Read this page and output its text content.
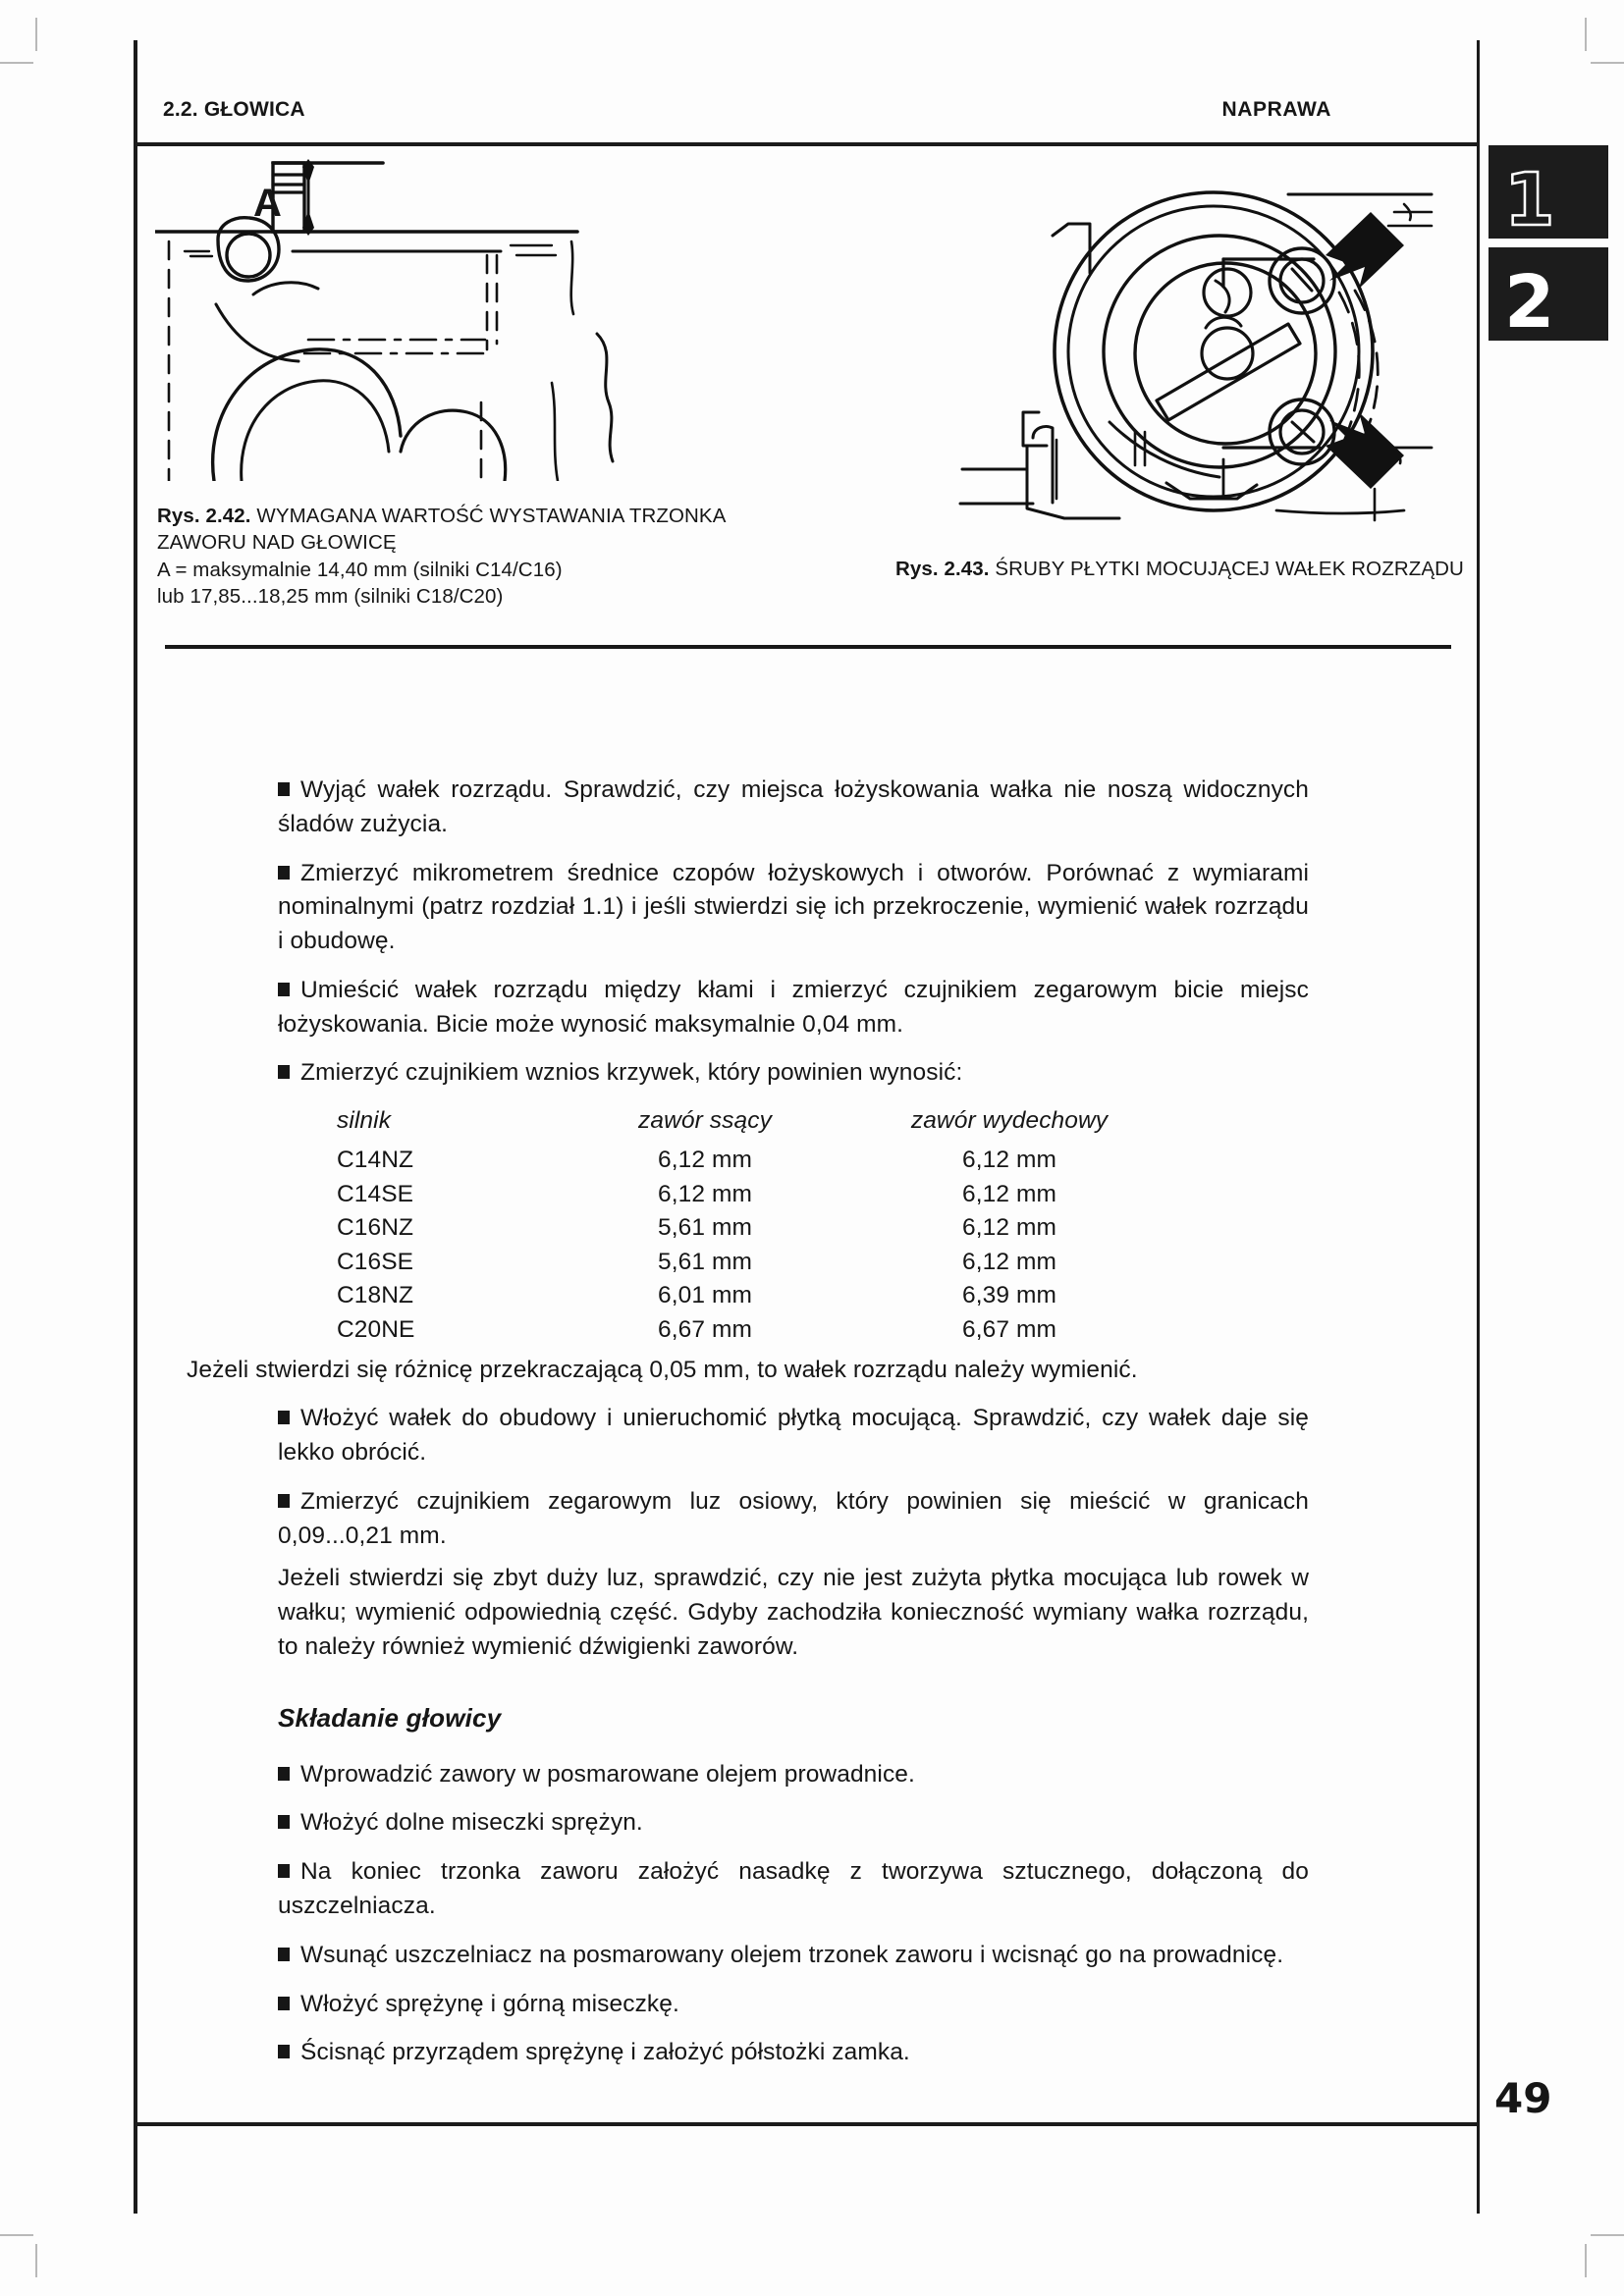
2.2. GŁOWICA	NAPRAWA
1
2
A
Rys. 2.42. WYMAGANA WARTOŚĆ WYSTAWANIA TRZONKA ZAWORU NAD GŁOWICĘ
A = maksymalnie 14,40 mm (silniki C14/C16)
lub 17,85...18,25 mm (silniki C18/C20)
Rys. 2.43. ŚRUBY PŁYTKI MOCUJĄCEJ WAŁEK ROZRZĄDU

Wyjąć wałek rozrządu. Sprawdzić, czy miejsca łożyskowania wałka nie noszą widocznych śladów zużycia.

Zmierzyć mikrometrem średnice czopów łożyskowych i otworów. Porównać z wymiarami nominalnymi (patrz rozdział 1.1) i jeśli stwierdzi się ich przekroczenie, wymienić wałek rozrządu i obudowę.

Umieścić wałek rozrządu między kłami i zmierzyć czujnikiem zegarowym bicie miejsc łożyskowania. Bicie może wynosić maksymalnie 0,04 mm.

Zmierzyć czujnikiem wznios krzywek, który powinien wynosić:

silnik	zawór ssący	zawór wydechowy
C14NZ	6,12 mm	6,12 mm
C14SE	6,12 mm	6,12 mm
C16NZ	5,61 mm	6,12 mm
C16SE	5,61 mm	6,12 mm
C18NZ	6,01 mm	6,39 mm
C20NE	6,67 mm	6,67 mm

Jeżeli stwierdzi się różnicę przekraczającą 0,05 mm, to wałek rozrządu należy wymienić.

Włożyć wałek do obudowy i unieruchomić płytką mocującą. Sprawdzić, czy wałek daje się lekko obrócić.

Zmierzyć czujnikiem zegarowym luz osiowy, który powinien się mieścić w granicach 0,09...0,21 mm.

Jeżeli stwierdzi się zbyt duży luz, sprawdzić, czy nie jest zużyta płytka mocująca lub rowek w wałku; wymienić odpowiednią część. Gdyby zachodziła konieczność wymiany wałka rozrządu, to należy również wymienić dźwigienki zaworów.

Składanie głowicy

Wprowadzić zawory w posmarowane olejem prowadnice.

Włożyć dolne miseczki sprężyn.

Na koniec trzonka zaworu założyć nasadkę z tworzywa sztucznego, dołączoną do uszczelniacza.

Wsunąć uszczelniacz na posmarowany olejem trzonek zaworu i wcisnąć go na prowadnicę.

Włożyć sprężynę i górną miseczkę.

Ścisnąć przyrządem sprężynę i założyć półstożki zamka.

49
